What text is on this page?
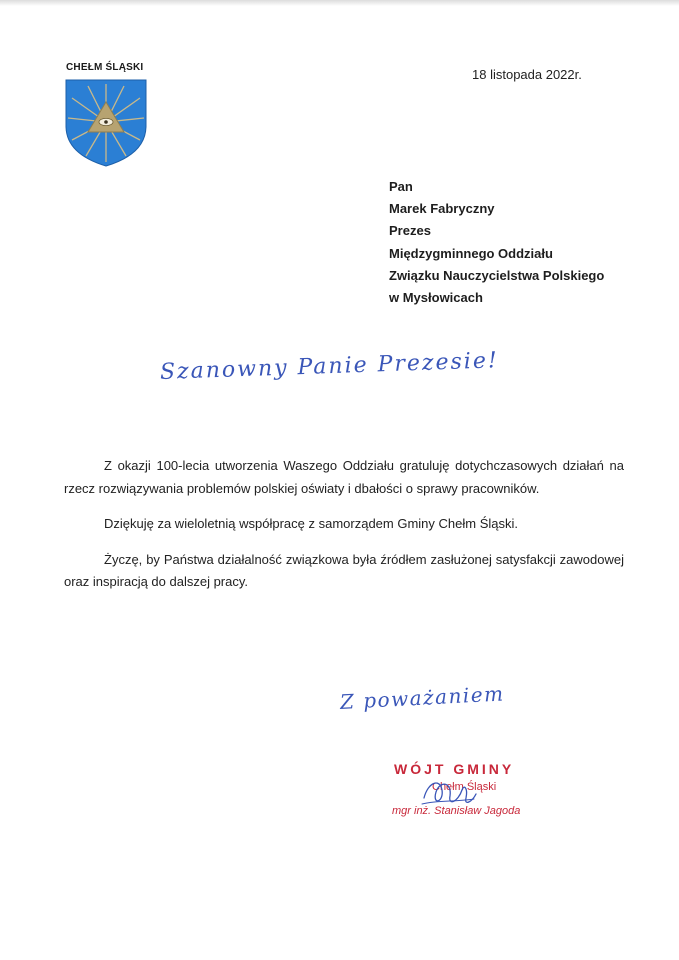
CHEŁM ŚLĄSKI	18 listopada 2022r.
Pan
Marek Fabryczny
Prezes
Międzygminnego Oddziału
Związku Nauczycielstwa Polskiego
w Mysłowicach
Szanowny Panie Prezesie!

Z okazji 100-lecia utworzenia Waszego Oddziału gratuluję dotychczasowych działań na rzecz rozwiązywania problemów polskiej oświaty i dbałości o sprawy pracowników.

Dziękuję za wieloletnią współpracę z samorządem Gminy Chełm Śląski.

Życzę, by Państwa działalność związkowa była źródłem zasłużonej satysfakcji zawodowej oraz inspiracją do dalszej pracy.

Z poważaniem
WÓJT GMINY
Chełm Śląski
mgr inż. Stanisław Jagoda
